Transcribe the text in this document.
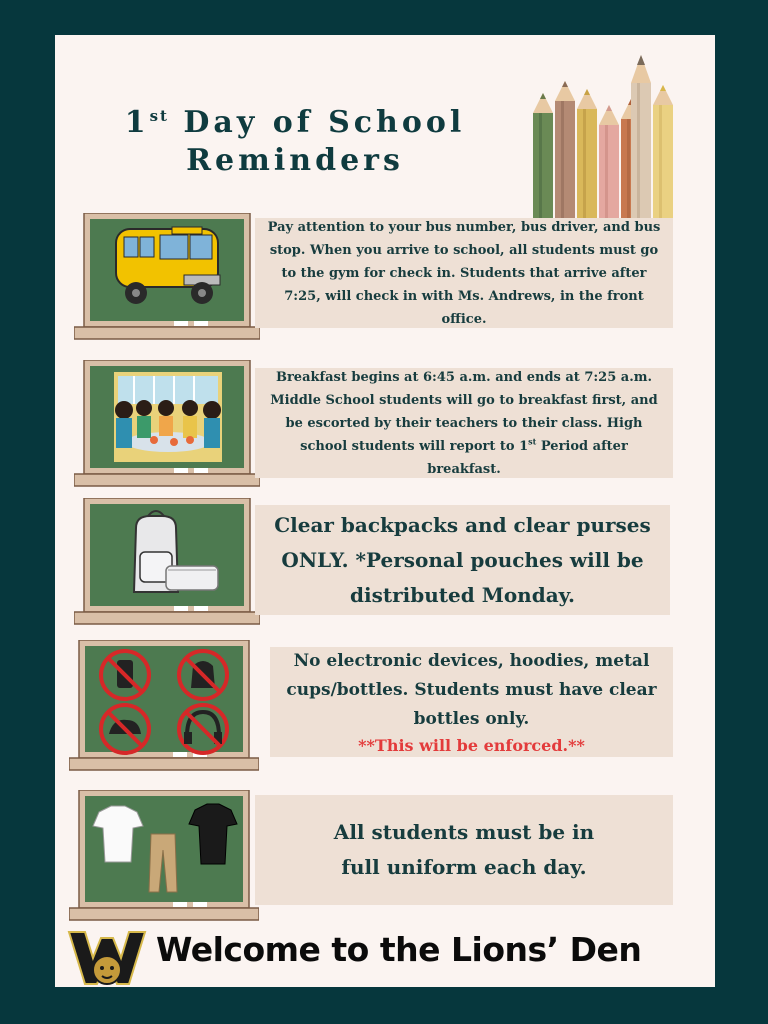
1st Day of School
Reminders
Pay attention to your bus number, bus driver, and bus stop. When you arrive to school, all students must go to the gym for check in. Students that arrive after 7:25, will check in with Ms. Andrews, in the front office.
Breakfast begins at 6:45 a.m. and ends at 7:25 a.m. Middle School students will go to breakfast first, and be escorted by their teachers to their class. High school students will report to 1st Period after breakfast.
Clear backpacks and clear purses ONLY. *Personal pouches will be distributed Monday.
No electronic devices, hoodies, metal cups/bottles. Students must have clear bottles only.
**This will be enforced.**
All students must be in
full uniform each day.
Welcome to the Lions’ Den
